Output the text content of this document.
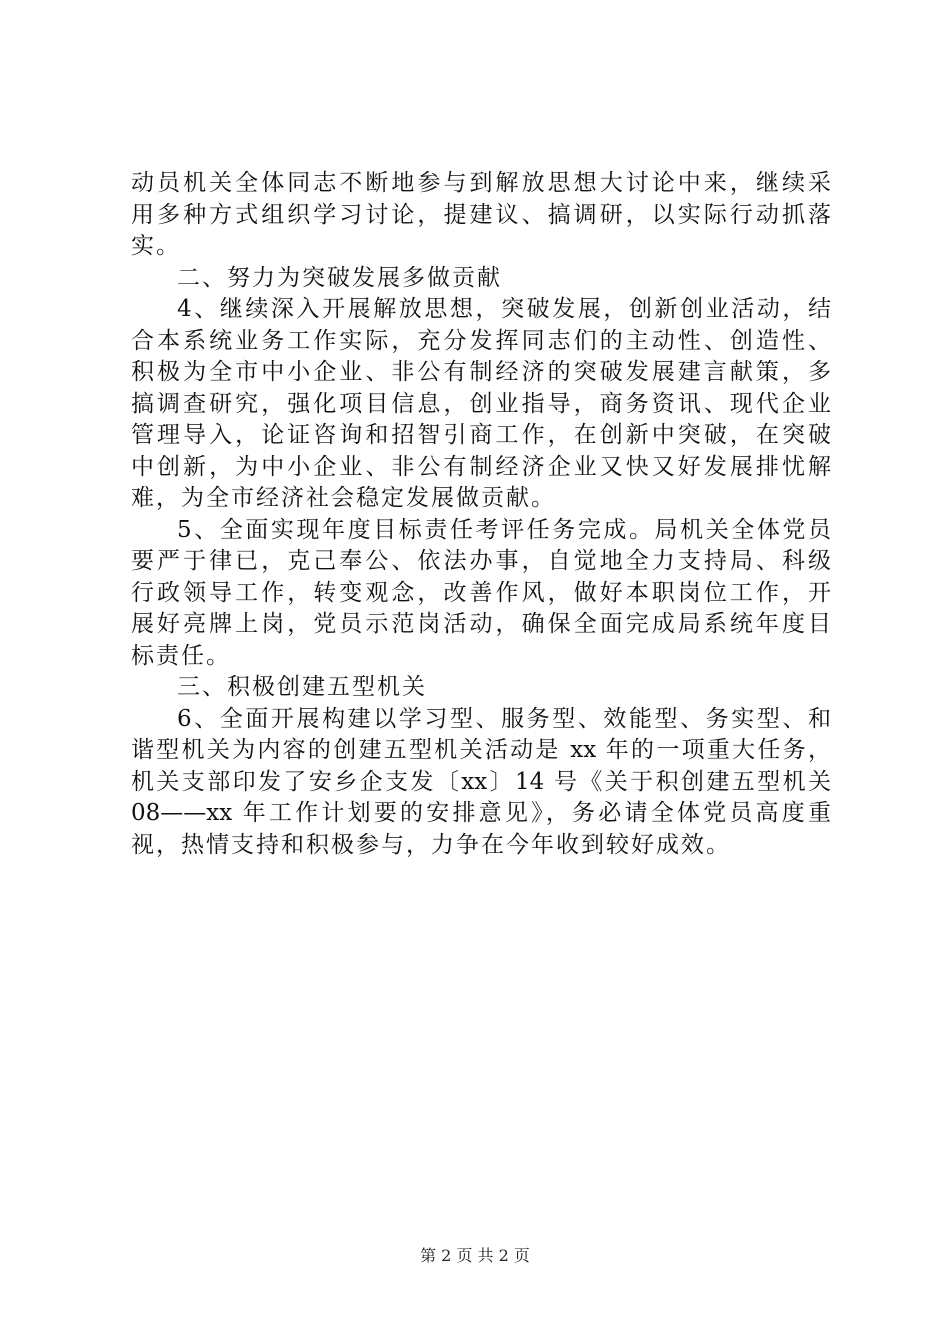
动员机关全体同志不断地参与到解放思想大讨论中来，继续采
用多种方式组织学习讨论，提建议、搞调研，以实际行动抓落
实。
二、努力为突破发展多做贡献
4、继续深入开展解放思想，突破发展，创新创业活动，结
合本系统业务工作实际，充分发挥同志们的主动性、创造性、
积极为全市中小企业、非公有制经济的突破发展建言献策，多
搞调查研究，强化项目信息，创业指导，商务资讯、现代企业
管理导入，论证咨询和招智引商工作，在创新中突破，在突破
中创新，为中小企业、非公有制经济企业又快又好发展排忧解
难，为全市经济社会稳定发展做贡献。
5、全面实现年度目标责任考评任务完成。局机关全体党员
要严于律已，克己奉公、依法办事，自觉地全力支持局、科级
行政领导工作，转变观念，改善作风，做好本职岗位工作，开
展好亮牌上岗，党员示范岗活动，确保全面完成局系统年度目
标责任。
三、积极创建五型机关
6、全面开展构建以学习型、服务型、效能型、务实型、和
谐型机关为内容的创建五型机关活动是 xx 年的一项重大任务，
机关支部印发了安乡企支发〔xx〕14 号《关于积创建五型机关
08——xx 年工作计划要的安排意见》，务必请全体党员高度重
视，热情支持和积极参与，力争在今年收到较好成效。
第 2 页 共 2 页
